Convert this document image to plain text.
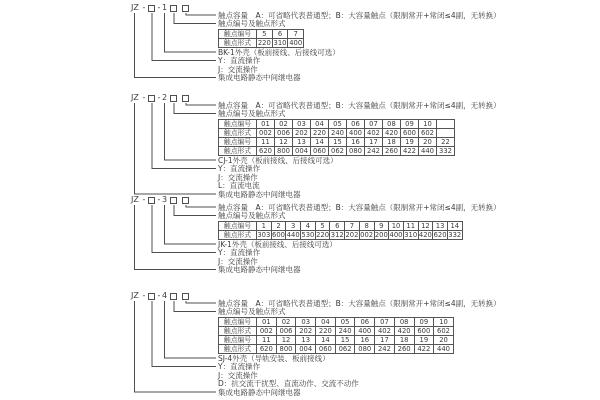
JZ - - 1
触点容量　A：可省略代表普通型；B：大容量触点（限制常开+常闭≤4副，无转换）
触点编号及触点形式
触点编号	5	6	7
触点形式	220	310	400
BK-1外壳（板前接线、后接线可选）
Y：直流操作
J：交流操作
集成电路静态中间继电器
JZ - - 2
触点容量　A：可省略代表普通型；B：大容量触点（限制常开+常闭≤4副，无转换）
触点编号及触点形式
触点编号	01	02	03	04	05	06	07	08	09	10	
触点形式	002	006	202	220	240	400	402	420	600	602	
触点编号	11	12	13	14	15	16	17	18	19	20	22
触点形式	620	800	004	060	062	080	242	260	422	440	332
CJ-1外壳（板前接线、后接线可选）
Y：直流操作
J：交流操作
L：直流电流
集成电路静态中间继电器
JZ - - 3
触点容量　A：可省略代表普通型；B：大容量触点（限制常开+常闭≤4副，无转换）
触点编号及触点形式
触点编号	1	2	3	4	5	6	7	8	9	10	11	12	13	14
触点形式	303	600	440	530	220	312	202	002	200	400	310	420	620	332
JK-1外壳（板前接线、后接线可选）
Y：直流操作
J：交流操作
集成电路静态中间继电器
JZ - - 4
触点容量　A：可省略代表普通型；B：大容量触点（限制常开+常闭≤4副，无转换）
触点编号及触点形式
触点编号	01	02	03	04	05	06	07	08	09	10
触点形式	002	006	202	220	240	400	402	420	600	602
触点编号	11	12	13	14	15	16	17	18	19	20
触点形式	620	800	004	060	062	080	242	260	422	440
SJ-4外壳（导轨安装、板前接线）
Y：直流操作
J：交流操作
D：抗交流干扰型、直流动作、交流不动作
集成电路静态中间继电器
